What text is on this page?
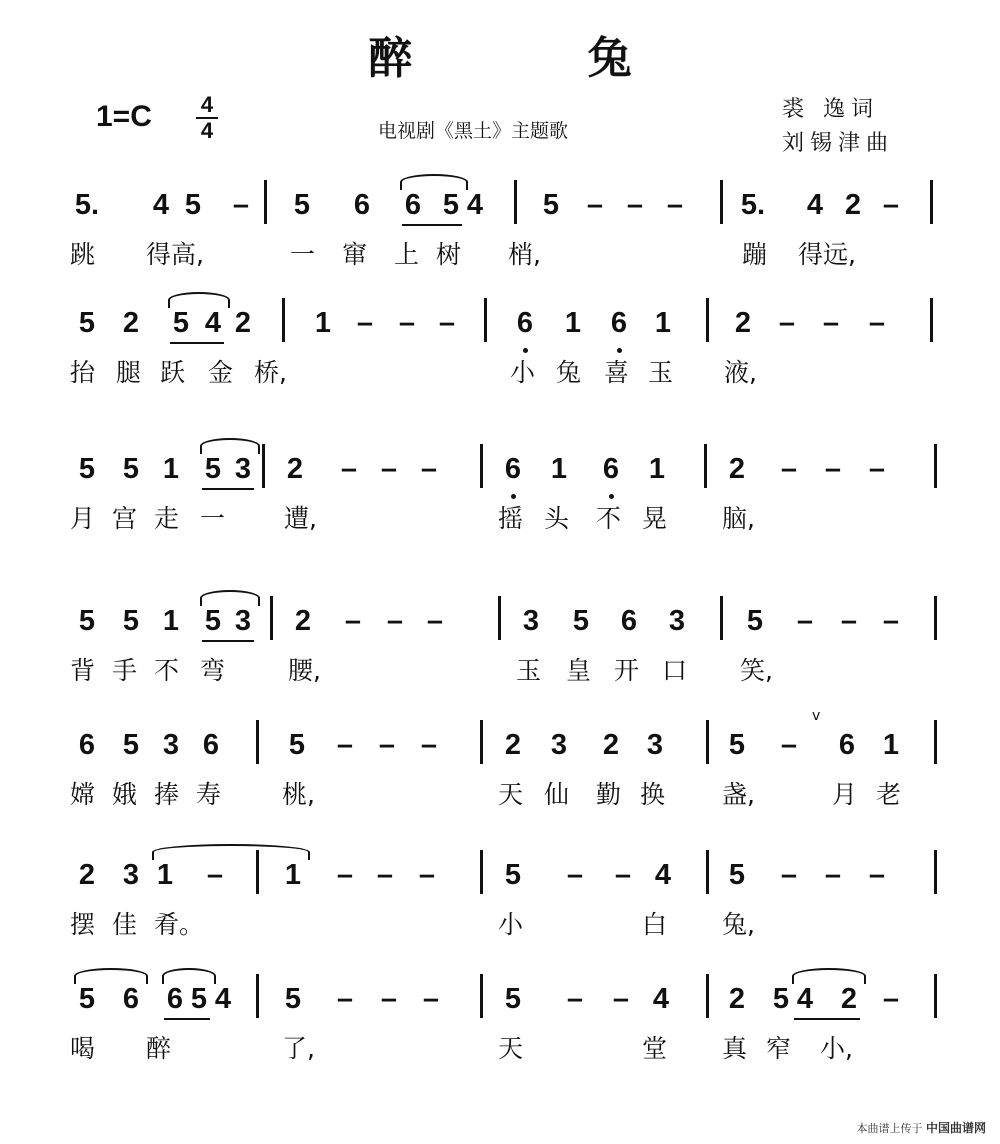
醉 兔
1=C 4
4	电视剧《黑土》主题歌
裘 逸词
刘锡津曲
5. 4 5 – 5 6 6 5 4 5 – – – 5. 4 2 –
跳 得高,	一 窜 上 树 梢,	蹦 得远,
5 2 5 4 2 1 – – – 6 1 6 1 2 – – –
抬 腿 跃 金 桥,	小 兔 喜 玉 液,
5 5 1 5 3 2 – – – 6 1 6 1 2 – – –
月 宫 走 一 遭,	摇 头 不 晃 脑,
5 5 1 5 3 2 – – –	3 5 6 3 5 – – –
背 手 不 弯	腰,	玉 皇 开 口 笑,
6 5 3 6 5 – – – 2 3 2 3 5 – 6 1
嫦 娥 捧 寿 桃,	天 仙 勤 换 盏,	月 老
v
2 3 1 – 1 – – – 5 – – 4 5 – – –
摆 佳 肴。	小	白 兔,
5 6 6 5 4 5 – – – 5 – – 4 2 5 4 2 –
喝 醉	了,	天	堂 真 窄 小,
本曲谱上传于 中国曲谱网
